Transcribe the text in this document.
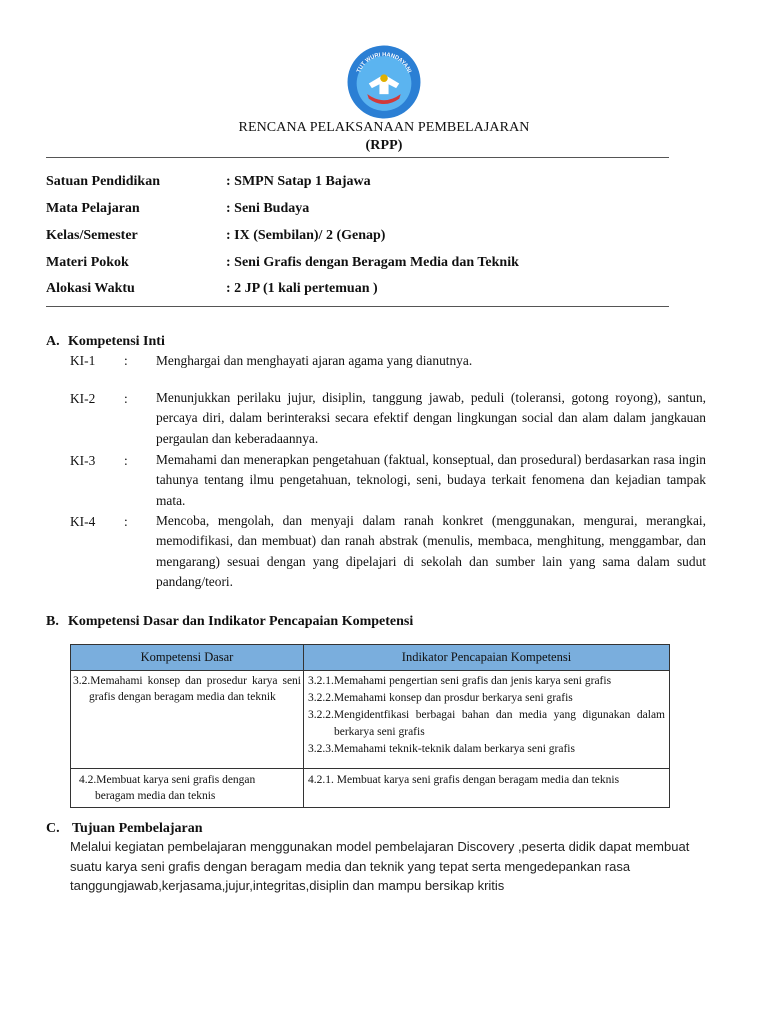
TUT WURI HANDAYANI
RENCANA PELAKSANAAN PEMBELAJARAN
(RPP)
Satuan Pendidikan	: SMPN Satap 1 Bajawa
Mata Pelajaran	: Seni Budaya
Kelas/Semester	: IX (Sembilan)/ 2 (Genap)
Materi Pokok	: Seni Grafis dengan Beragam Media dan Teknik
Alokasi Waktu	: 2 JP (1 kali pertemuan )
A. Kompetensi Inti
KI-1 : Menghargai dan menghayati ajaran agama yang dianutnya.
KI-2 : Menunjukkan perilaku jujur, disiplin, tanggung jawab, peduli (toleransi, gotong royong), santun, percaya diri, dalam berinteraksi secara efektif dengan lingkungan social dan alam dalam jangkauan pergaulan dan keberadaannya.
KI-3 : Memahami dan menerapkan pengetahuan (faktual, konseptual, dan prosedural) berdasarkan rasa ingin tahunya tentang ilmu pengetahuan, teknologi, seni, budaya terkait fenomena dan kejadian tampak mata.
KI-4 : Mencoba, mengolah, dan menyaji dalam ranah konkret (menggunakan, mengurai, merangkai, memodifikasi, dan membuat) dan ranah abstrak (menulis, membaca, menghitung, menggambar, dan mengarang) sesuai dengan yang dipelajari di sekolah dan sumber lain yang sama dalam sudut pandang/teori.
B. Kompetensi Dasar dan Indikator Pencapaian Kompetensi
Kompetensi Dasar	Indikator Pencapaian Kompetensi

3.2.Memahami konsep dan prosedur karya seni grafis dengan beragam media dan teknik	3.2.1.Memahami pengertian seni grafis dan jenis karya seni grafis
3.2.2.Memahami konsep dan prosdur berkarya seni grafis
3.2.2.Mengidentfikasi berbagai bahan dan media yang digunakan dalam berkarya seni grafis
3.2.3.Memahami teknik-teknik dalam berkarya seni grafis

4.2.Membuat karya seni grafis dengan beragam media dan teknis	4.2.1. Membuat karya seni grafis dengan beragam media dan teknis
C. Tujuan Pembelajaran
Melalui kegiatan pembelajaran menggunakan model pembelajaran Discovery ,peserta didik dapat membuat suatu karya seni grafis dengan beragam media dan teknik yang tepat serta mengedepankan rasa tanggungjawab,kerjasama,jujur,integritas,disiplin dan mampu bersikap kritis
